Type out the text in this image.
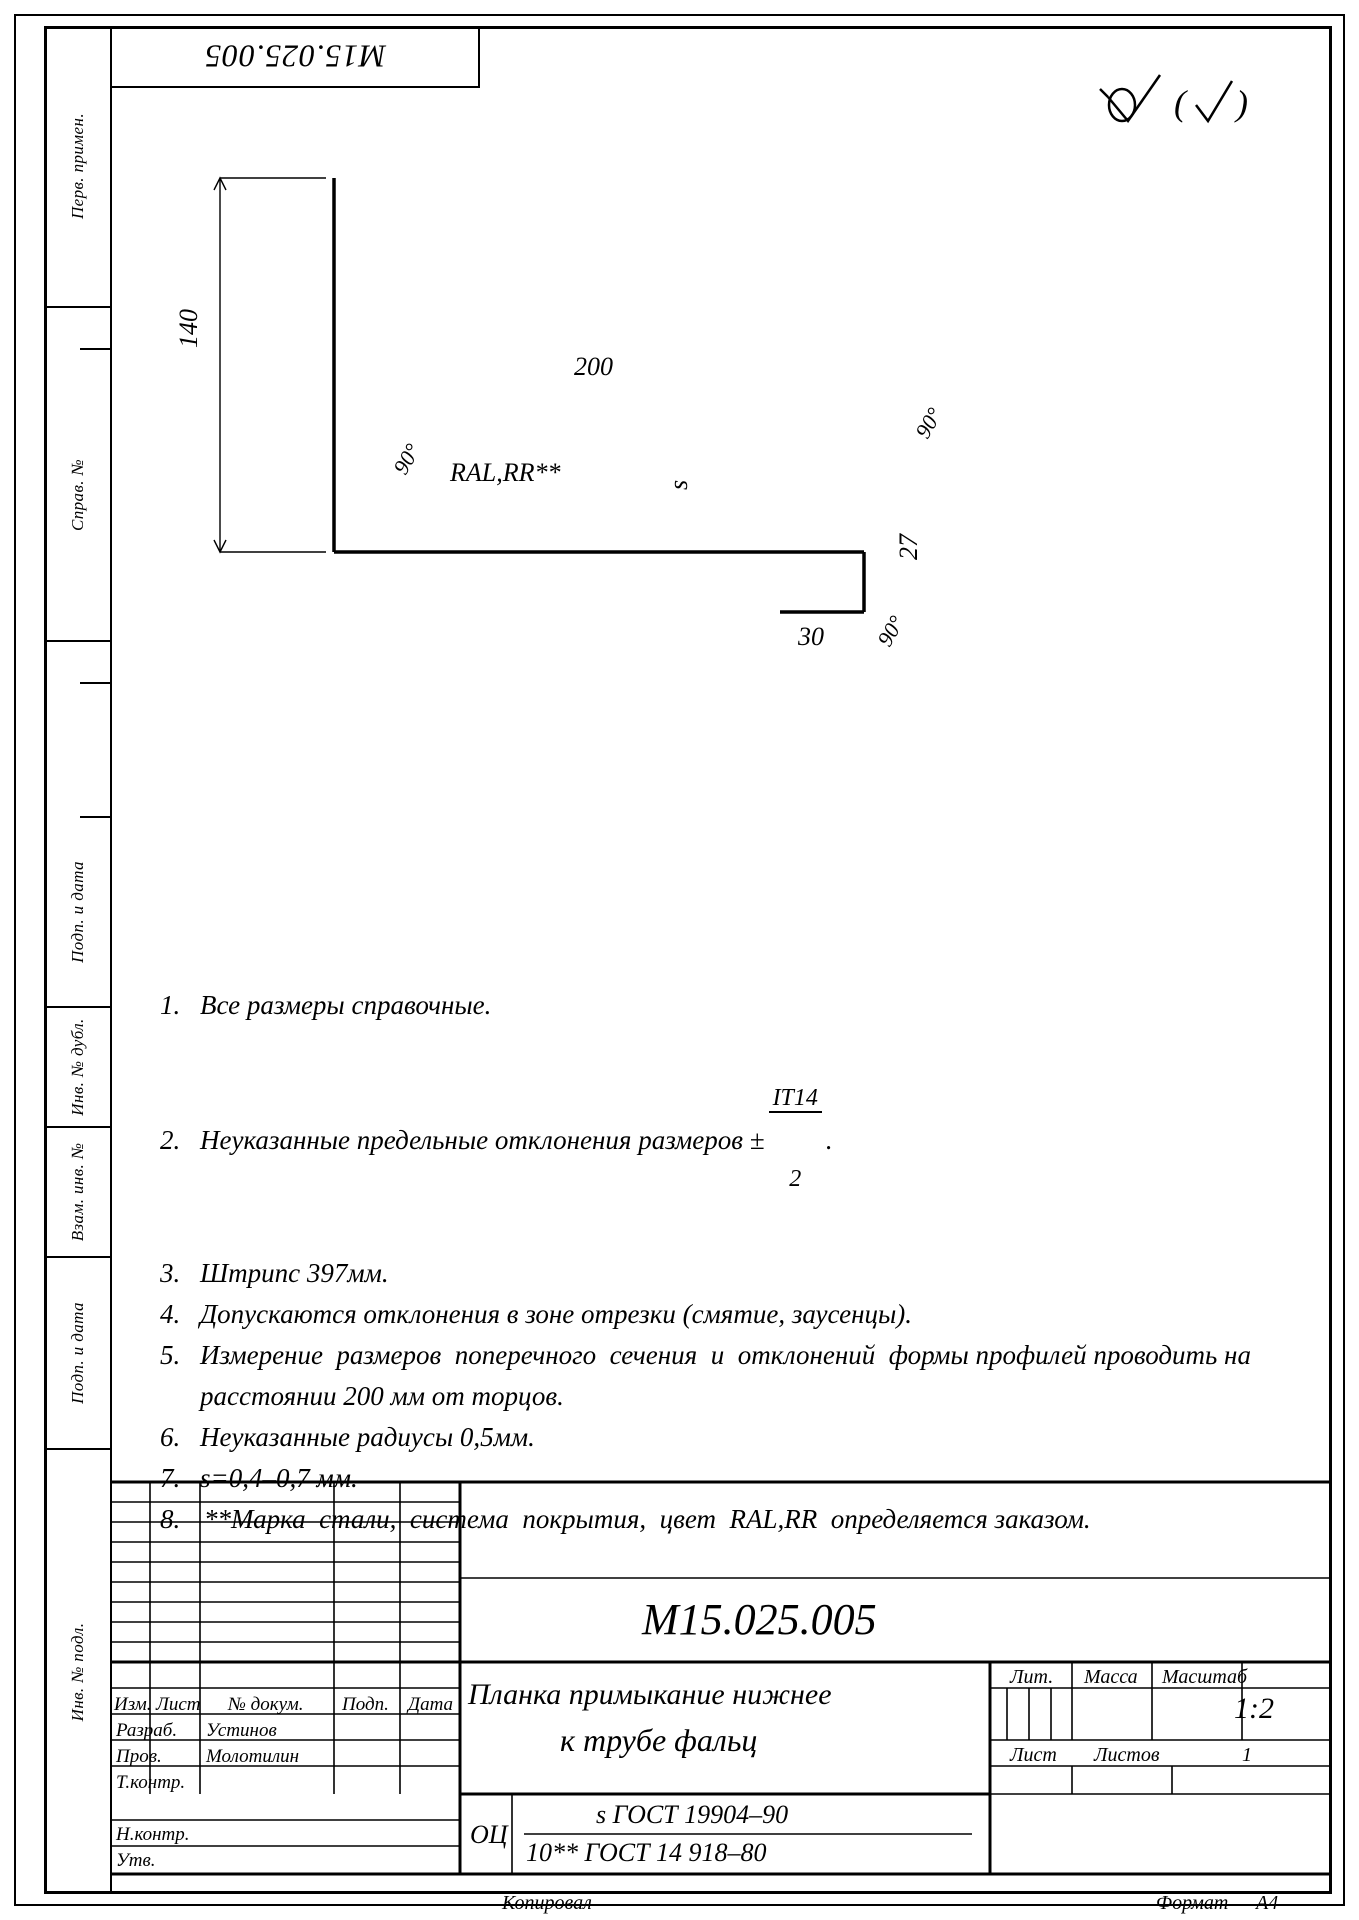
Перв. примен.
Справ. №
Подп. и дата
Инв. № дубл.
Взам. инв. №
Подп. и дата
Инв. № подл.
M15.025.005
( )
140
200
90° RAL,RR**	s
90°
27
90°
30
1. Все размеры справочные.
2. Неуказанные предельные отклонения размеров ±

$\frac{IT14}{2}$

.
3. Штрипс 397мм.
4. Допускаются отклонения в зоне отрезки (смятие, заусенцы).
5. Измерение  размеров  поперечного  сечения  и  отклонений  формы профилей проводить на расстоянии 200 мм от торцов.
6. Неуказанные радиусы 0,5мм.
7. s=0,4–0,7 мм.
8. **Марка  стали,  система  покрытия,  цвет  RAL,RR  определяется заказом.
Изм. Лист № докум. Подп. Дата
Разраб. Устинов
Пров. Молотилин
Т.контр.
Н.контр.
Утв.
M15.025.005
Планка примыкание нижнее
к трубе фальц
ОЦ
s ГОСТ 19904–90
10** ГОСТ 14 918–80
Лит. Масса Масштаб
1:2
Лист Листов	1
Копировал	Формат А4
